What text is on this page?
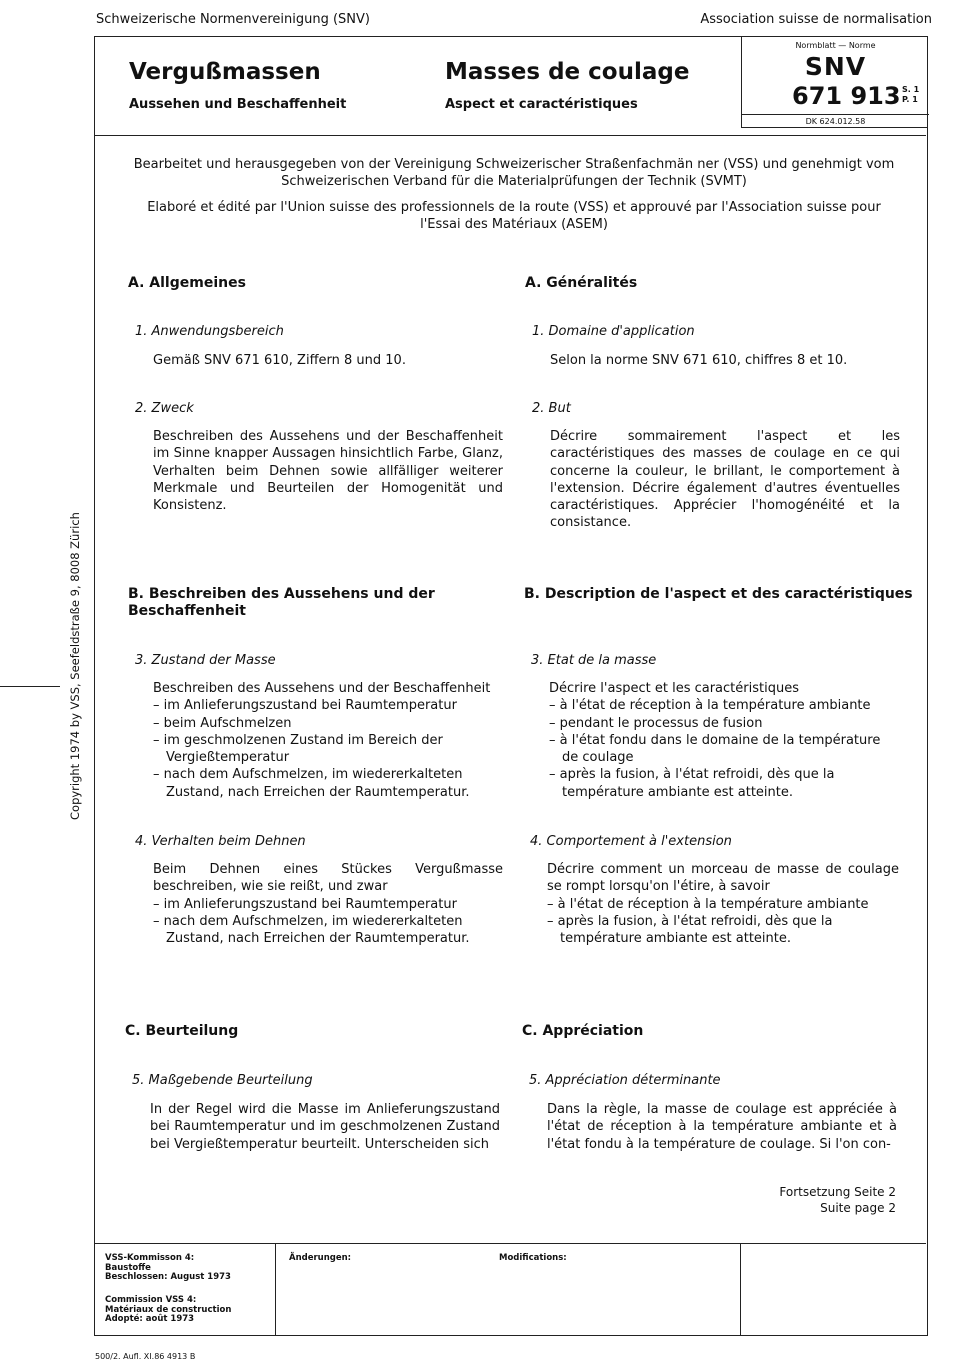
Schweizerische Normenvereinigung (SNV)	Association suisse de normalisation
Copyright 1974 by VSS, Seefeldstraße 9, 8008 Zürich
Vergußmassen
Aussehen und Beschaffenheit
Masses de coulage
Aspect et caractéristiques
Normblatt — Norme
SNV
671 913 S. 1
P. 1
DK 624.012.58
VSS-Kommisson 4:
Baustoffe
Beschlossen: August 1973
Commission VSS 4:
Matériaux de construction
Adopté: août 1973
Änderungen:	Modifications:
Bearbeitet und herausgegeben von der Vereinigung Schweizerischer Straßenfachmän ner (VSS) und genehmigt vom Schweizerischen Verband für die Materialprüfungen der Technik (SVMT)
Elaboré et édité par l'Union suisse des professionnels de la route (VSS) et approuvé par l'Association suisse pour l'Essai des Matériaux (ASEM)
A. Allgemeines
1. Anwendungsbereich
Gemäß SNV 671 610, Ziffern 8 und 10.
2. Zweck
Beschreiben des Aussehens und der Beschaffenheit im Sinne knapper Aussagen hinsichtlich Farbe, Glanz, Verhalten beim Dehnen sowie allfälliger weiterer Merkmale und Beurteilen der Homogenität und Konsistenz.
B. Beschreiben des Aussehens und der Beschaffenheit
3. Zustand der Masse
Beschreiben des Aussehens und der Beschaffenheit
– im Anlieferungszustand bei Raumtemperatur
– beim Aufschmelzen
– im geschmolzenen Zustand im Bereich der Vergießtemperatur
– nach dem Aufschmelzen, im wiedererkalteten Zustand, nach Erreichen der Raumtemperatur.
4. Verhalten beim Dehnen
Beim Dehnen eines Stückes Vergußmasse beschreiben, wie sie reißt, und zwar
– im Anlieferungszustand bei Raumtemperatur
– nach dem Aufschmelzen, im wiedererkalteten Zustand, nach Erreichen der Raumtemperatur.
C. Beurteilung
5. Maßgebende Beurteilung
In der Regel wird die Masse im Anlieferungszustand bei Raumtemperatur und im geschmolzenen Zustand bei Vergießtemperatur beurteilt. Unterscheiden sich
A. Généralités
1. Domaine d'application
Selon la norme SNV 671 610, chiffres 8 et 10.
2. But
Décrire sommairement l'aspect et les caractéristiques des masses de coulage en ce qui concerne la couleur, le brillant, le comportement à l'extension. Décrire également d'autres éventuelles caractéristiques. Apprécier l'homogénéité et la consistance.
B. Description de l'aspect et des caractéristiques
3. Etat de la masse
Décrire l'aspect et les caractéristiques
– à l'état de réception à la température ambiante
– pendant le processus de fusion
– à l'état fondu dans le domaine de la température de coulage
– après la fusion, à l'état refroidi, dès que la température ambiante est atteinte.
4. Comportement à l'extension
Décrire comment un morceau de masse de coulage se rompt lorsqu'on l'étire, à savoir
– à l'état de réception à la température ambiante
– après la fusion, à l'état refroidi, dès que la température ambiante est atteinte.
C. Appréciation
5. Appréciation déterminante
Dans la règle, la masse de coulage est appréciée à l'état de réception à la température ambiante et à l'état fondu à la température de coulage. Si l'on con-
Fortsetzung Seite 2
Suite page 2
500/2. Aufl. XI.86 4913 B
